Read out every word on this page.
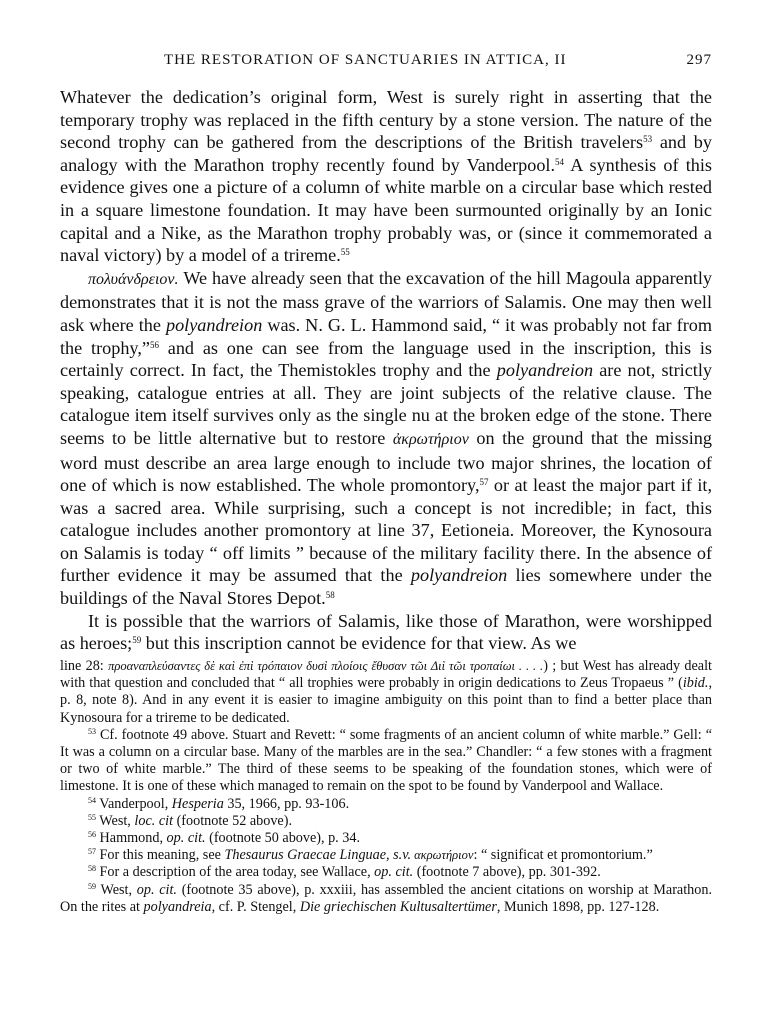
THE RESTORATION OF SANCTUARIES IN ATTICA, II	297

Whatever the dedication’s original form, West is surely right in asserting that the temporary trophy was replaced in the fifth century by a stone version. The nature of the second trophy can be gathered from the descriptions of the British travelers$^{53}$ and by analogy with the Marathon trophy recently found by Vanderpool.$^{54}$ A synthesis of this evidence gives one a picture of a column of white marble on a circular base which rested in a square limestone foundation. It may have been surmounted originally by an Ionic capital and a Nike, as the Marathon trophy probably was, or (since it commemorated a naval victory) by a model of a trireme.$^{55}$

πολυάνδρειον. We have already seen that the excavation of the hill Magoula apparently demonstrates that it is not the mass grave of the warriors of Salamis. One may then well ask where the polyandreion was. N. G. L. Hammond said, “ it was probably not far from the trophy,”$^{56}$ and as one can see from the language used in the inscription, this is certainly correct. In fact, the Themistokles trophy and the polyandreion are not, strictly speaking, catalogue entries at all. They are joint subjects of the relative clause. The catalogue item itself survives only as the single nu at the broken edge of the stone. There seems to be little alternative but to restore ἀκρωτήριον on the ground that the missing word must describe an area large enough to include two major shrines, the location of one of which is now established. The whole promontory,$^{57}$ or at least the major part if it, was a sacred area. While surprising, such a concept is not incredible; in fact, this catalogue includes another promontory at line 37, Eetioneia. Moreover, the Kynosoura on Salamis is today “ off limits ” because of the military facility there. In the absence of further evidence it may be assumed that the polyandreion lies somewhere under the buildings of the Naval Stores Depot.$^{58}$

It is possible that the warriors of Salamis, like those of Marathon, were worshipped as heroes;$^{59}$ but this inscription cannot be evidence for that view. As we

line 28: προαναπλεύσαντες δὲ καὶ ἐπὶ τρόπαιον δυσὶ πλοίοις ἔθυσαν τῶι Διὶ τῶι τροπαίωι . . . .) ; but West has already dealt with that question and concluded that “ all trophies were probably in origin dedications to Zeus Tropaeus ” (ibid., p. 8, note 8). And in any event it is easier to imagine ambiguity on this point than to find a better place than Kynosoura for a trireme to be dedicated.

$^{53}$ Cf. footnote 49 above. Stuart and Revett: “ some fragments of an ancient column of white marble.” Gell: “ It was a column on a circular base. Many of the marbles are in the sea.” Chandler: “ a few stones with a fragment or two of white marble.” The third of these seems to be speaking of the foundation stones, which were of limestone. It is one of these which managed to remain on the spot to be found by Vanderpool and Wallace.

$^{54}$ Vanderpool, Hesperia 35, 1966, pp. 93-106.

$^{55}$ West, loc. cit (footnote 52 above).

$^{56}$ Hammond, op. cit. (footnote 50 above), p. 34.

$^{57}$ For this meaning, see Thesaurus Graecae Linguae, s.v. ακρωτήριον: “ significat et promontorium.”

$^{58}$ For a description of the area today, see Wallace, op. cit. (footnote 7 above), pp. 301-392.

$^{59}$ West, op. cit. (footnote 35 above), p. xxxiii, has assembled the ancient citations on worship at Marathon. On the rites at polyandreia, cf. P. Stengel, Die griechischen Kultusaltertümer, Munich 1898, pp. 127-128.
